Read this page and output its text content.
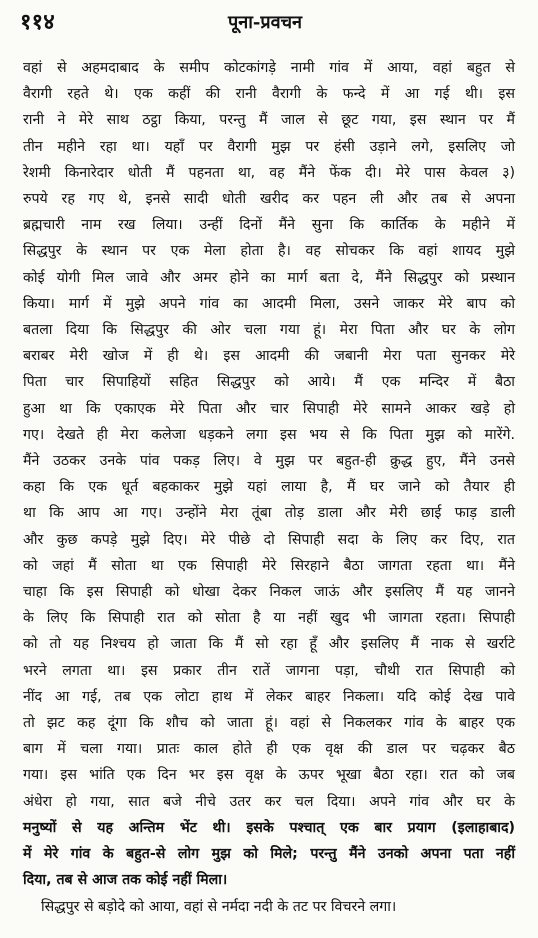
११४	पूना-प्रवचन
वहां से अहमदाबाद के समीप कोटकांगड़े नामी गांव में आया, वहां बहुत से
वैरागी रहते थे। एक कहीं की रानी वैरागी के फन्दे में आ गई थी। इस
रानी ने मेरे साथ ठट्ठा किया, परन्तु मैं जाल से छूट गया, इस स्थान पर मैं
तीन महीने रहा था। यहाँ पर वैरागी मुझ पर हंसी उड़ाने लगे, इसलिए जो
रेशमी किनारेदार धोती मैं पहनता था, वह मैंने फेंक दी। मेरे पास केवल ३)
रुपये रह गए थे, इनसे सादी धोती खरीद कर पहन ली और तब से अपना
ब्रह्मचारी नाम रख लिया। उन्हीं दिनों मैंने सुना कि कार्तिक के महीने में
सिद्धपुर के स्थान पर एक मेला होता है। वह सोचकर कि वहां शायद मुझे
कोई योगी मिल जावे और अमर होने का मार्ग बता दे, मैंने सिद्धपुर को प्रस्थान
किया। मार्ग में मुझे अपने गांव का आदमी मिला, उसने जाकर मेरे बाप को
बतला दिया कि सिद्धपुर की ओर चला गया हूं। मेरा पिता और घर के लोग
बराबर मेरी खोज में ही थे। इस आदमी की जबानी मेरा पता सुनकर मेरे
पिता चार सिपाहियों सहित सिद्धपुर को आये। मैं एक मन्दिर में बैठा
हुआ था कि एकाएक मेरे पिता और चार सिपाही मेरे सामने आकर खड़े हो
गए। देखते ही मेरा कलेजा धड़कने लगा इस भय से कि पिता मुझ को मारेंगे.
मैंने उठकर उनके पांव पकड़ लिए। वे मुझ पर बहुत-ही क्रुद्ध हुए, मैंने उनसे
कहा कि एक धूर्त बहकाकर मुझे यहां लाया है, मैं घर जाने को तैयार ही
था कि आप आ गए। उन्होंने मेरा तूंबा तोड़ डाला और मेरी छाई फाड़ डाली
और कुछ कपड़े मुझे दिए। मेरे पीछे दो सिपाही सदा के लिए कर दिए, रात
को जहां मैं सोता था एक सिपाही मेरे सिरहाने बैठा जागता रहता था। मैंने
चाहा कि इस सिपाही को धोखा देकर निकल जाऊं और इसलिए मैं यह जानने
के लिए कि सिपाही रात को सोता है या नहीं खुद भी जागता रहता। सिपाही
को तो यह निश्चय हो जाता कि मैं सो रहा हूँ और इसलिए मैं नाक से खर्राटे
भरने लगता था। इस प्रकार तीन रातें जागना पड़ा, चौथी रात सिपाही को
नींद आ गई, तब एक लोटा हाथ में लेकर बाहर निकला। यदि कोई देख पावे
तो झट कह दूंगा कि शौच को जाता हूं। वहां से निकलकर गांव के बाहर एक
बाग में चला गया। प्रातः काल होते ही एक वृक्ष की डाल पर चढ़कर बैठ
गया। इस भांति एक दिन भर इस वृक्ष के ऊपर भूखा बैठा रहा। रात को जब
अंधेरा हो गया, सात बजे नीचे उतर कर चल दिया। अपने गांव और घर के
मनुष्यों से यह अन्तिम भेंट थी। इसके पश्चात् एक बार प्रयाग (इलाहाबाद)
में मेरे गांव के बहुत-से लोग मुझ को मिले; परन्तु मैंने उनको अपना पता नहीं
दिया, तब से आज तक कोई नहीं मिला।
सिद्धपुर से बड़ोदे को आया, वहां से नर्मदा नदी के तट पर विचरने लगा।
